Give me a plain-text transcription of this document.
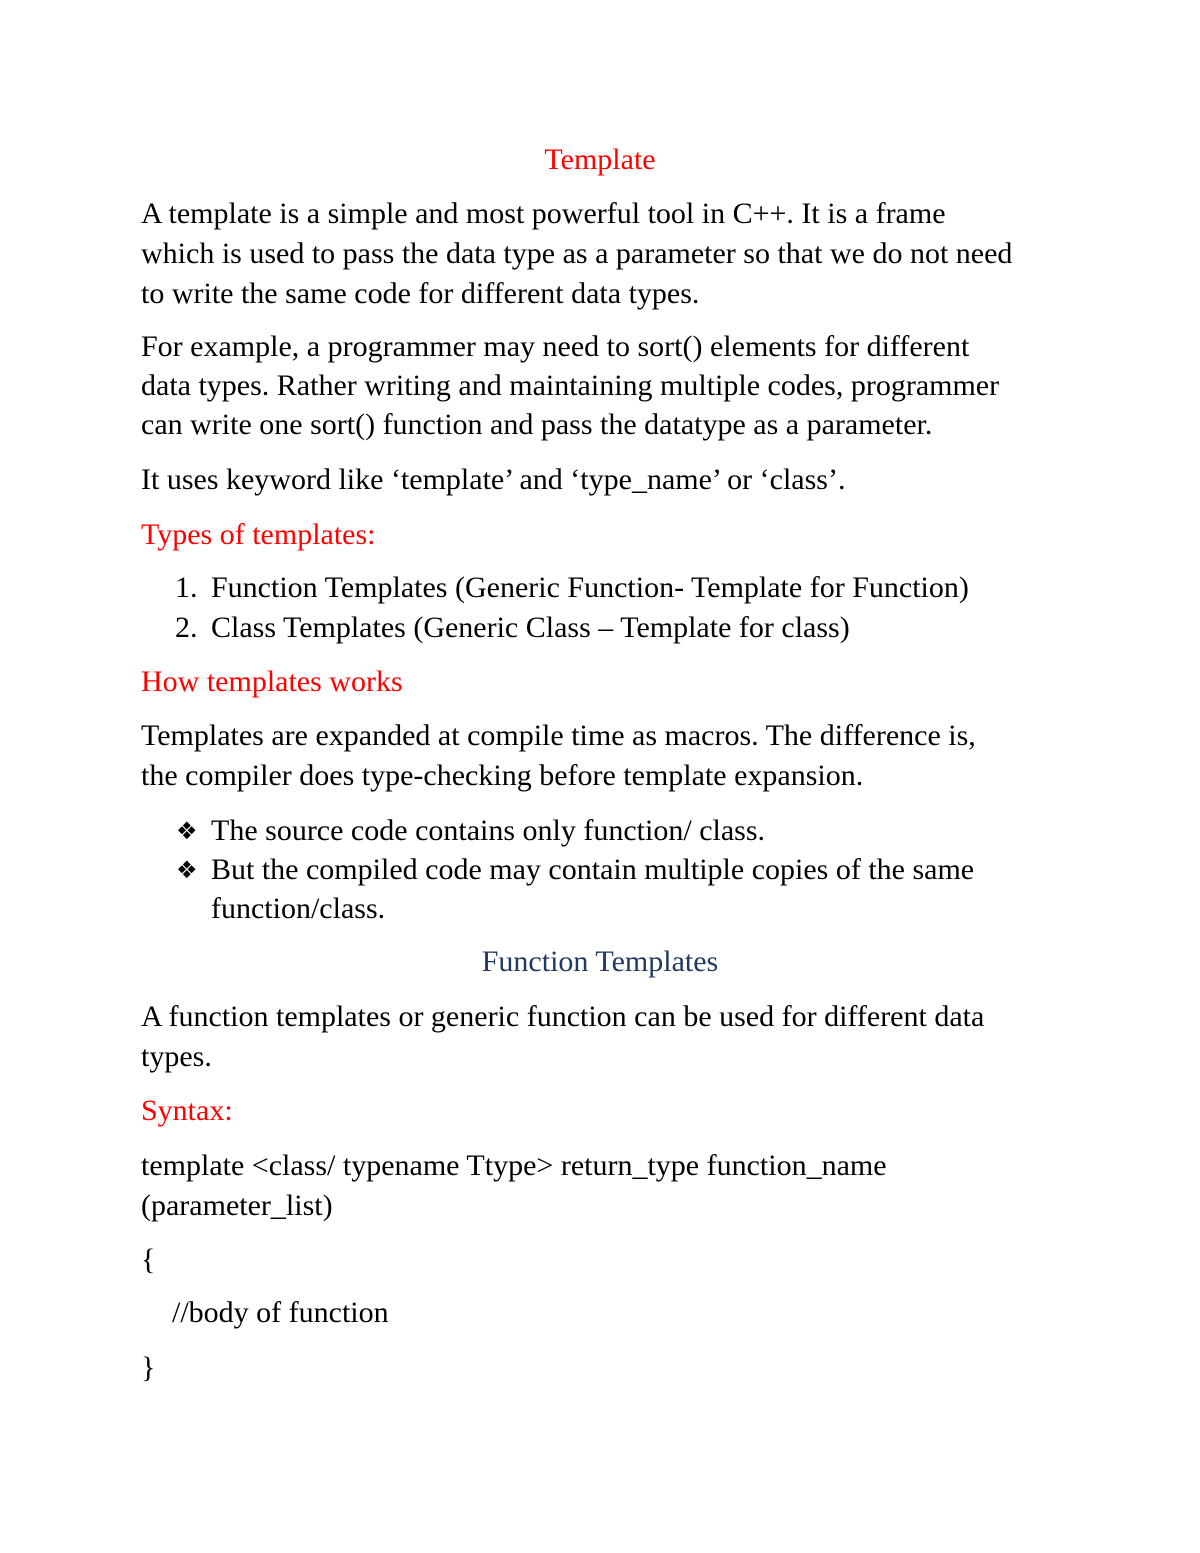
Template

A template is a simple and most powerful tool in C++. It is a frame

which is used to pass the data type as a parameter so that we do not need

to write the same code for different data types.

For example, a programmer may need to sort() elements for different

data types. Rather writing and maintaining multiple codes, programmer

can write one sort() function and pass the datatype as a parameter.

It uses keyword like ‘template’ and ‘type_name’ or ‘class’.

Types of templates:

1. Function Templates (Generic Function- Template for Function)
2. Class Templates (Generic Class – Template for class)

How templates works

Templates are expanded at compile time as macros. The difference is,

the compiler does type-checking before template expansion.

❖ The source code contains only function/ class.
❖ But the compiled code may contain multiple copies of the same
function/class.

Function Templates

A function templates or generic function can be used for different data

types.

Syntax:

template <class/ typename Ttype> return_type function_name

(parameter_list)

{

//body of function

}
